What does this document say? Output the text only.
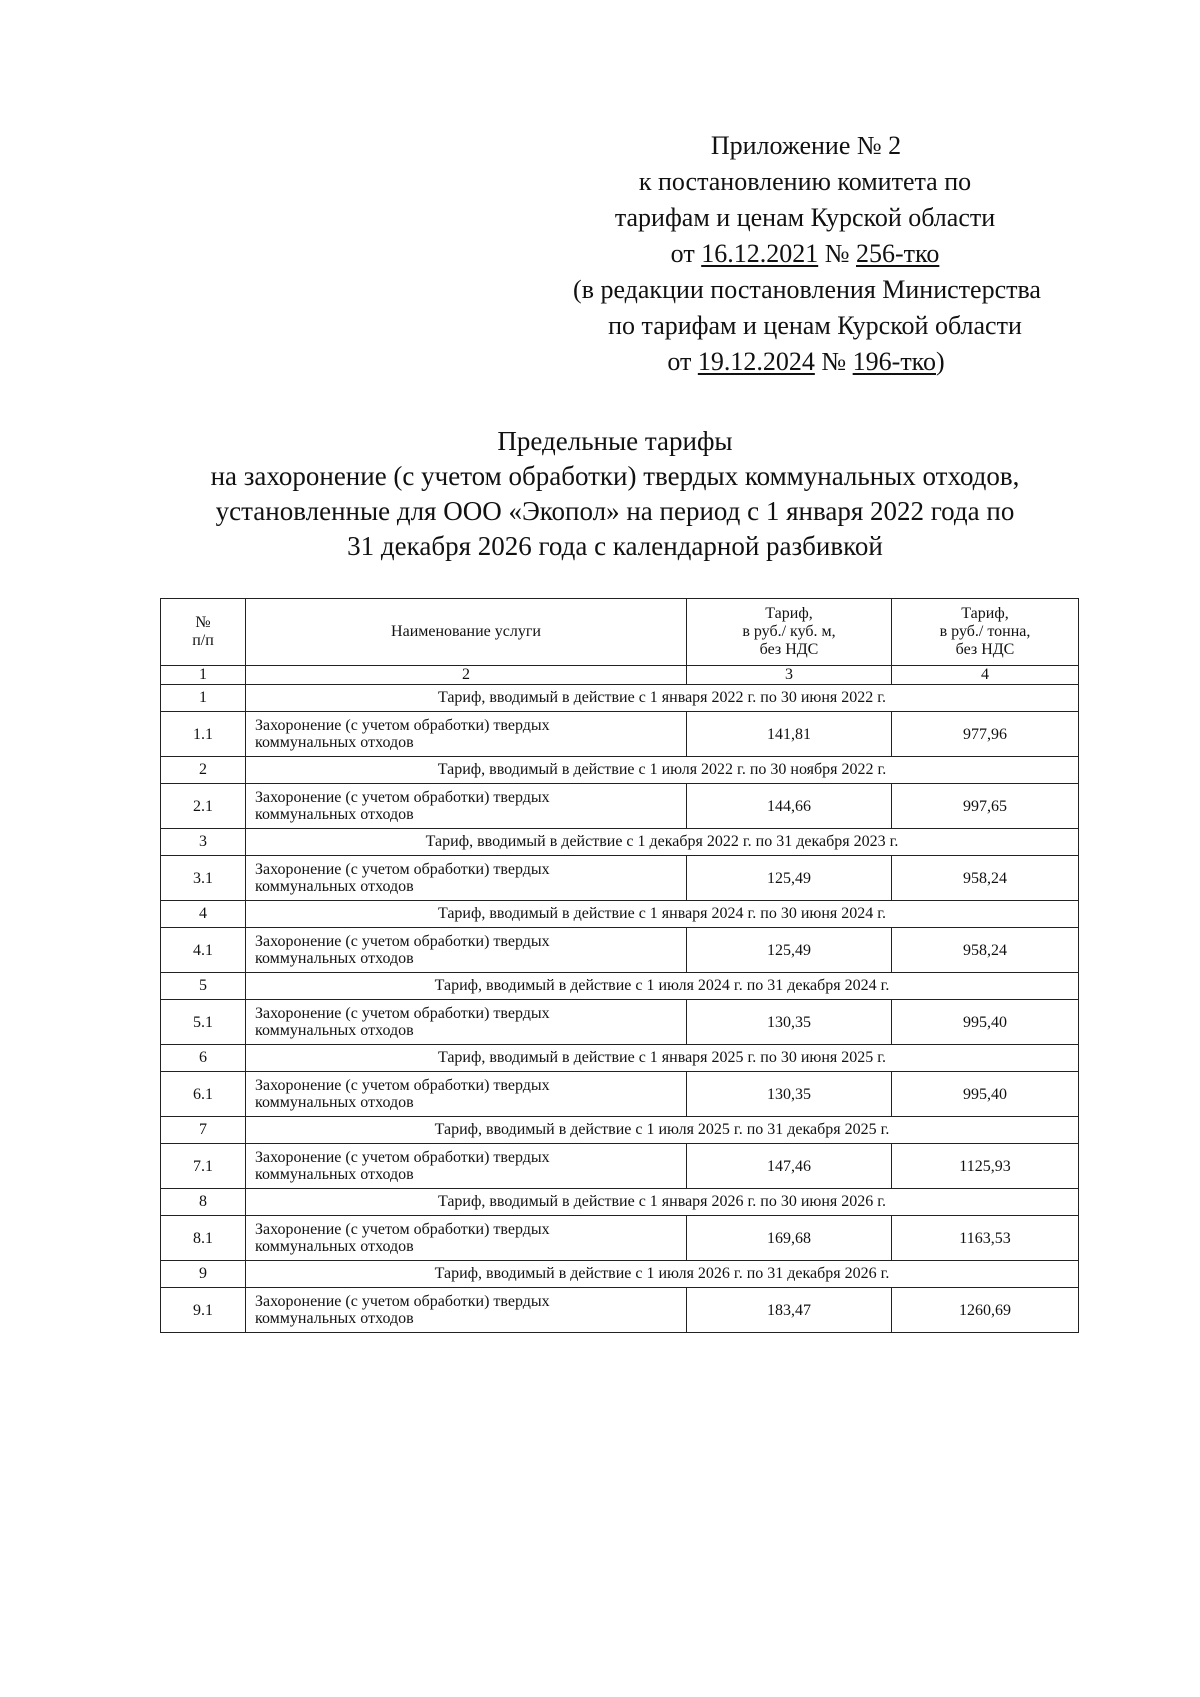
Приложение № 2
к постановлению комитета по
тарифам и ценам Курской области
от 16.12.2021 № 256-тко
(в редакции постановления Министерства
по тарифам и ценам Курской области
от 19.12.2024 № 196-тко)
Предельные тарифы
на захоронение (с учетом обработки) твердых коммунальных отходов,
установленные для ООО «Экопол» на период с 1 января 2022 года по
31 декабря 2026 года с календарной разбивкой
№
п/п	Наименование услуги	Тариф,
в руб./ куб. м,
без НДС	Тариф,
в руб./ тонна,
без НДС

1	2	3	4
1	Тариф, вводимый в действие с 1 января 2022 г. по 30 июня 2022 г.		
1.1	Захоронение (с учетом обработки) твердых
коммунальных отходов	141,81	977,96
2	Тариф, вводимый в действие с 1 июля 2022 г. по 30 ноября 2022 г.		
2.1	Захоронение (с учетом обработки) твердых
коммунальных отходов	144,66	997,65
3	Тариф, вводимый в действие с 1 декабря 2022 г. по 31 декабря 2023 г.		
3.1	Захоронение (с учетом обработки) твердых
коммунальных отходов	125,49	958,24
4	Тариф, вводимый в действие с 1 января 2024 г. по 30 июня 2024 г.		
4.1	Захоронение (с учетом обработки) твердых
коммунальных отходов	125,49	958,24
5	Тариф, вводимый в действие с 1 июля 2024 г. по 31 декабря 2024 г.		
5.1	Захоронение (с учетом обработки) твердых
коммунальных отходов	130,35	995,40
6	Тариф, вводимый в действие с 1 января 2025 г. по 30 июня 2025 г.		
6.1	Захоронение (с учетом обработки) твердых
коммунальных отходов	130,35	995,40
7	Тариф, вводимый в действие с 1 июля 2025 г. по 31 декабря 2025 г.		
7.1	Захоронение (с учетом обработки) твердых
коммунальных отходов	147,46	1125,93
8	Тариф, вводимый в действие с 1 января 2026 г. по 30 июня 2026 г.		
8.1	Захоронение (с учетом обработки) твердых
коммунальных отходов	169,68	1163,53
9	Тариф, вводимый в действие с 1 июля 2026 г. по 31 декабря 2026 г.		
9.1	Захоронение (с учетом обработки) твердых
коммунальных отходов	183,47	1260,69
